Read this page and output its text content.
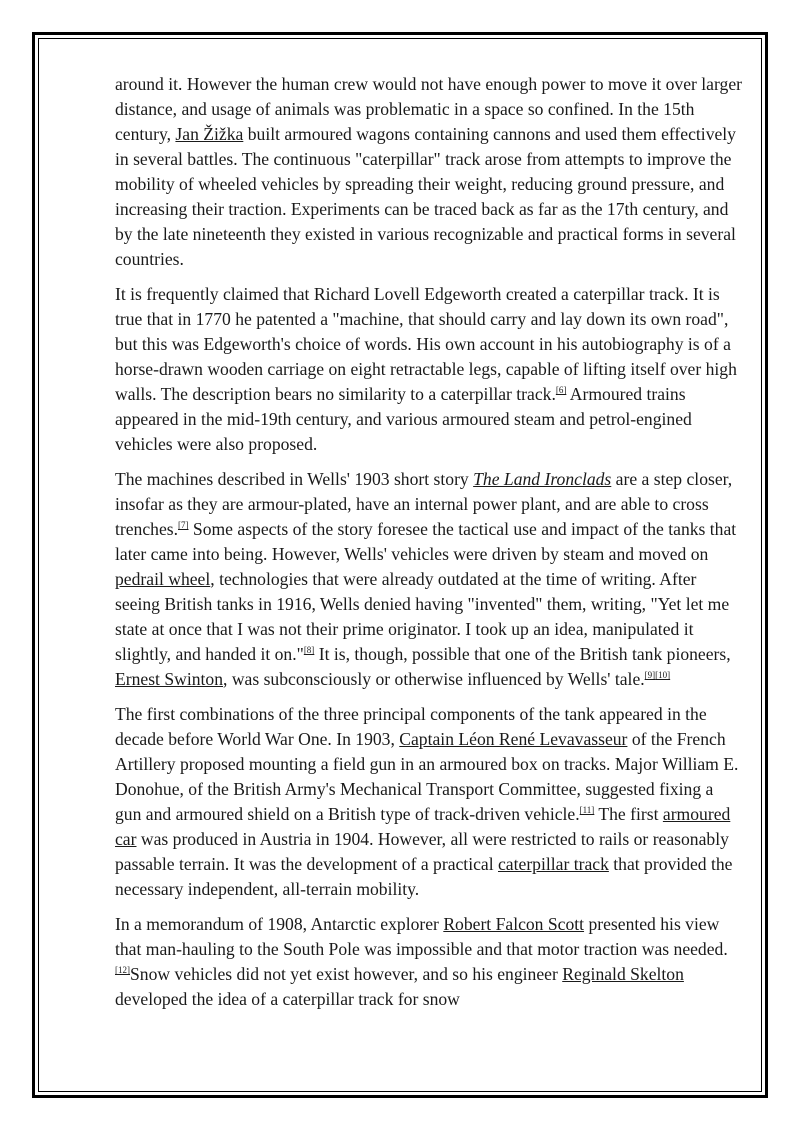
around it. However the human crew would not have enough power to move it over larger distance, and usage of animals was problematic in a space so confined. In the 15th century, Jan Žižka built armoured wagons containing cannons and used them effectively in several battles. The continuous "caterpillar" track arose from attempts to improve the mobility of wheeled vehicles by spreading their weight, reducing ground pressure, and increasing their traction. Experiments can be traced back as far as the 17th century, and by the late nineteenth they existed in various recognizable and practical forms in several countries.

It is frequently claimed that Richard Lovell Edgeworth created a caterpillar track. It is true that in 1770 he patented a "machine, that should carry and lay down its own road", but this was Edgeworth's choice of words. His own account in his autobiography is of a horse-drawn wooden carriage on eight retractable legs, capable of lifting itself over high walls. The description bears no similarity to a caterpillar track.[6] Armoured trains appeared in the mid-19th century, and various armoured steam and petrol-engined vehicles were also proposed.

The machines described in Wells' 1903 short story The Land Ironclads are a step closer, insofar as they are armour-plated, have an internal power plant, and are able to cross trenches.[7] Some aspects of the story foresee the tactical use and impact of the tanks that later came into being. However, Wells' vehicles were driven by steam and moved on pedrail wheel, technologies that were already outdated at the time of writing. After seeing British tanks in 1916, Wells denied having "invented" them, writing, "Yet let me state at once that I was not their prime originator. I took up an idea, manipulated it slightly, and handed it on."[8] It is, though, possible that one of the British tank pioneers, Ernest Swinton, was subconsciously or otherwise influenced by Wells' tale.[9][10]

The first combinations of the three principal components of the tank appeared in the decade before World War One. In 1903, Captain Léon René Levavasseur of the French Artillery proposed mounting a field gun in an armoured box on tracks. Major William E. Donohue, of the British Army's Mechanical Transport Committee, suggested fixing a gun and armoured shield on a British type of track-driven vehicle.[11] The first armoured car was produced in Austria in 1904. However, all were restricted to rails or reasonably passable terrain. It was the development of a practical caterpillar track that provided the necessary independent, all-terrain mobility.

In a memorandum of 1908, Antarctic explorer Robert Falcon Scott presented his view that man-hauling to the South Pole was impossible and that motor traction was needed.[12]Snow vehicles did not yet exist however, and so his engineer Reginald Skelton developed the idea of a caterpillar track for snow
